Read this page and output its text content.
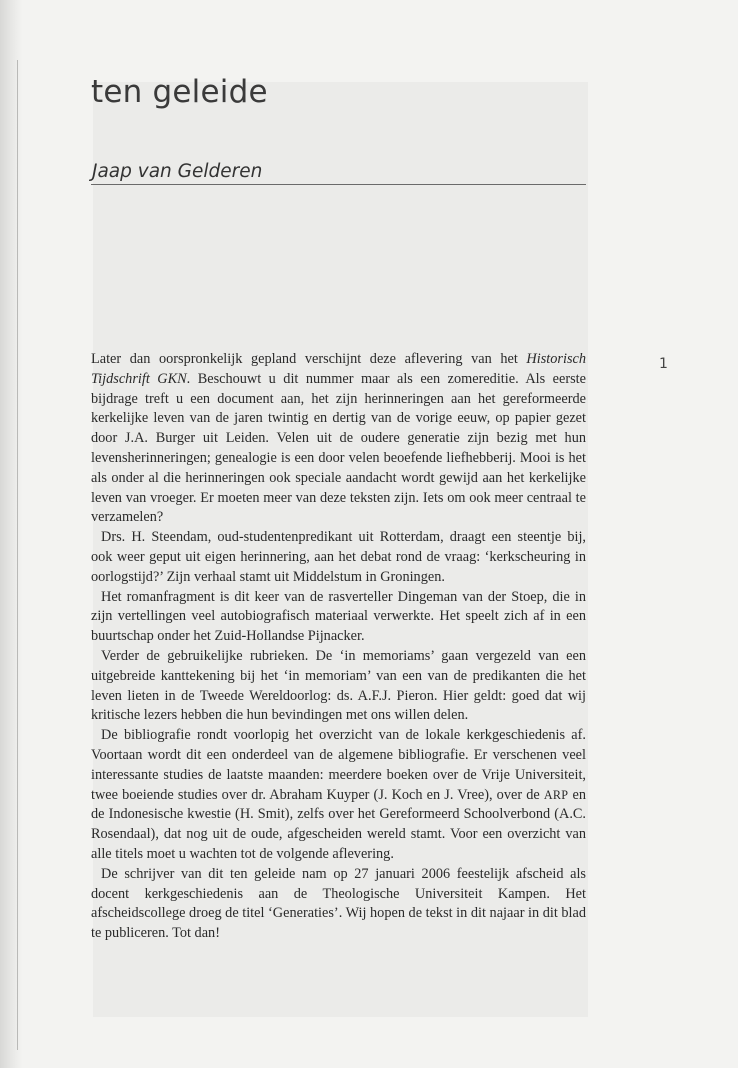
ten geleide
Jaap van Gelderen
1

Later dan oorspronkelijk gepland verschijnt deze aflevering van het Historisch Tijdschrift GKN. Beschouwt u dit nummer maar als een zomereditie. Als eerste bijdrage treft u een document aan, het zijn herinneringen aan het gereformeerde kerkelijke leven van de jaren twintig en dertig van de vorige eeuw, op papier gezet door J.A. Burger uit Leiden. Velen uit de oudere generatie zijn bezig met hun levensherinneringen; genealogie is een door velen beoefende liefhebberij. Mooi is het als onder al die herinneringen ook speciale aandacht wordt gewijd aan het kerkelijke leven van vroeger. Er moeten meer van deze teksten zijn. Iets om ook meer centraal te verzamelen?

Drs. H. Steendam, oud-studentenpredikant uit Rotterdam, draagt een steentje bij, ook weer geput uit eigen herinnering, aan het debat rond de vraag: ‘kerkscheuring in oorlogstijd?’ Zijn verhaal stamt uit Middelstum in Groningen.

Het romanfragment is dit keer van de rasverteller Dingeman van der Stoep, die in zijn vertellingen veel autobiografisch materiaal verwerkte. Het speelt zich af in een buurtschap onder het Zuid-Hollandse Pijnacker.

Verder de gebruikelijke rubrieken. De ‘in memoriams’ gaan vergezeld van een uitgebreide kanttekening bij het ‘in memoriam’ van een van de predikanten die het leven lieten in de Tweede Wereldoorlog: ds. A.F.J. Pieron. Hier geldt: goed dat wij kritische lezers hebben die hun bevindingen met ons willen delen.

De bibliografie rondt voorlopig het overzicht van de lokale kerkgeschiedenis af. Voortaan wordt dit een onderdeel van de algemene bibliografie. Er verschenen veel interessante studies de laatste maanden: meerdere boeken over de Vrije Universiteit, twee boeiende studies over dr. Abraham Kuyper (J. Koch en J. Vree), over de ARP en de Indonesische kwestie (H. Smit), zelfs over het Gereformeerd Schoolverbond (A.C. Rosendaal), dat nog uit de oude, afgescheiden wereld stamt. Voor een overzicht van alle titels moet u wachten tot de volgende aflevering.

De schrijver van dit ten geleide nam op 27 januari 2006 feestelijk afscheid als docent kerkgeschiedenis aan de Theologische Universiteit Kampen. Het afscheidscollege droeg de titel ‘Generaties’. Wij hopen de tekst in dit najaar in dit blad te publiceren. Tot dan!
